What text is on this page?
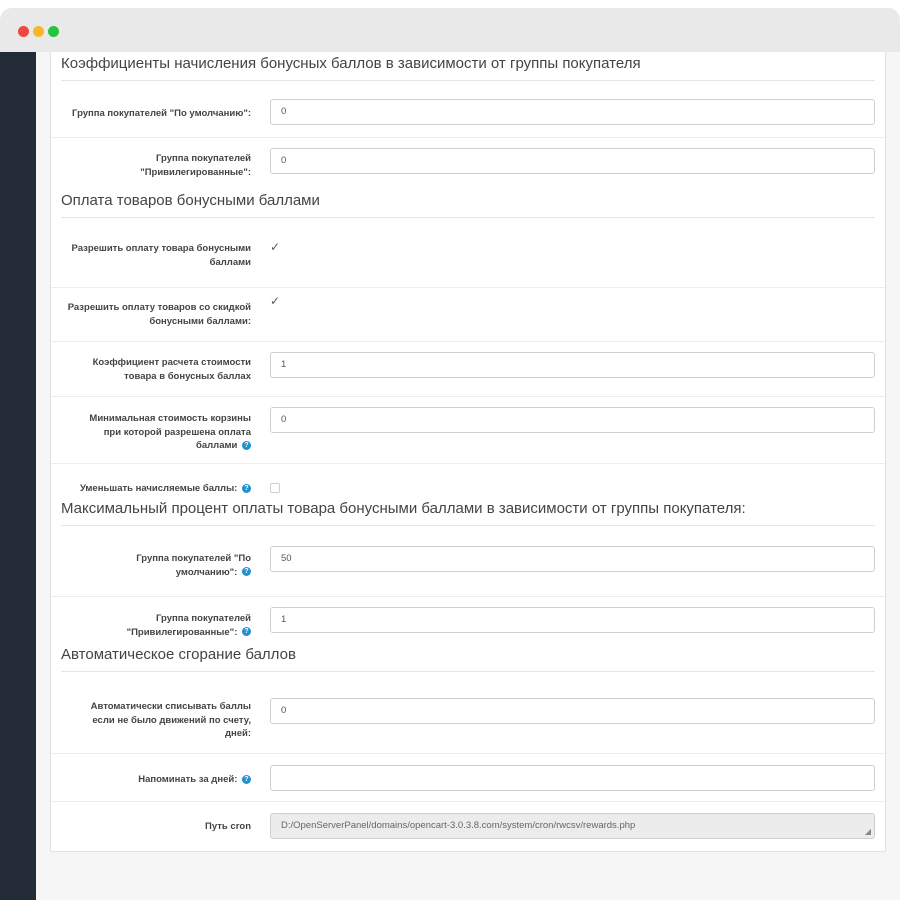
Коэффициенты начисления бонусных баллов в зависимости от группы покупателя
Группа покупателей "По умолчанию":	0
Группа покупателей
"Привилегированные":
0
Оплата товаров бонусными баллами
Разрешить оплату товара бонусными
баллами
✓
Разрешить оплату товаров со скидкой
бонусными баллами:
✓
Коэффициент расчета стоимости
товара в бонусных баллах
1
Минимальная стоимость корзины
при которой разрешена оплата
баллами ?
0
Уменьшать начисляемые баллы: ?
Максимальный процент оплаты товара бонусными баллами в зависимости от группы покупателя:
Группа покупателей "По
умолчанию": ?
50
Группа покупателей
"Привилегированные": ?
1
Автоматическое сгорание баллов
Автоматически списывать баллы
если не было движений по счету,
дней:
0
Напоминать за дней: ?
Путь cron	D:/OpenServerPanel/domains/opencart-3.0.3.8.com/system/cron/rwcsv/rewards.php
◢
